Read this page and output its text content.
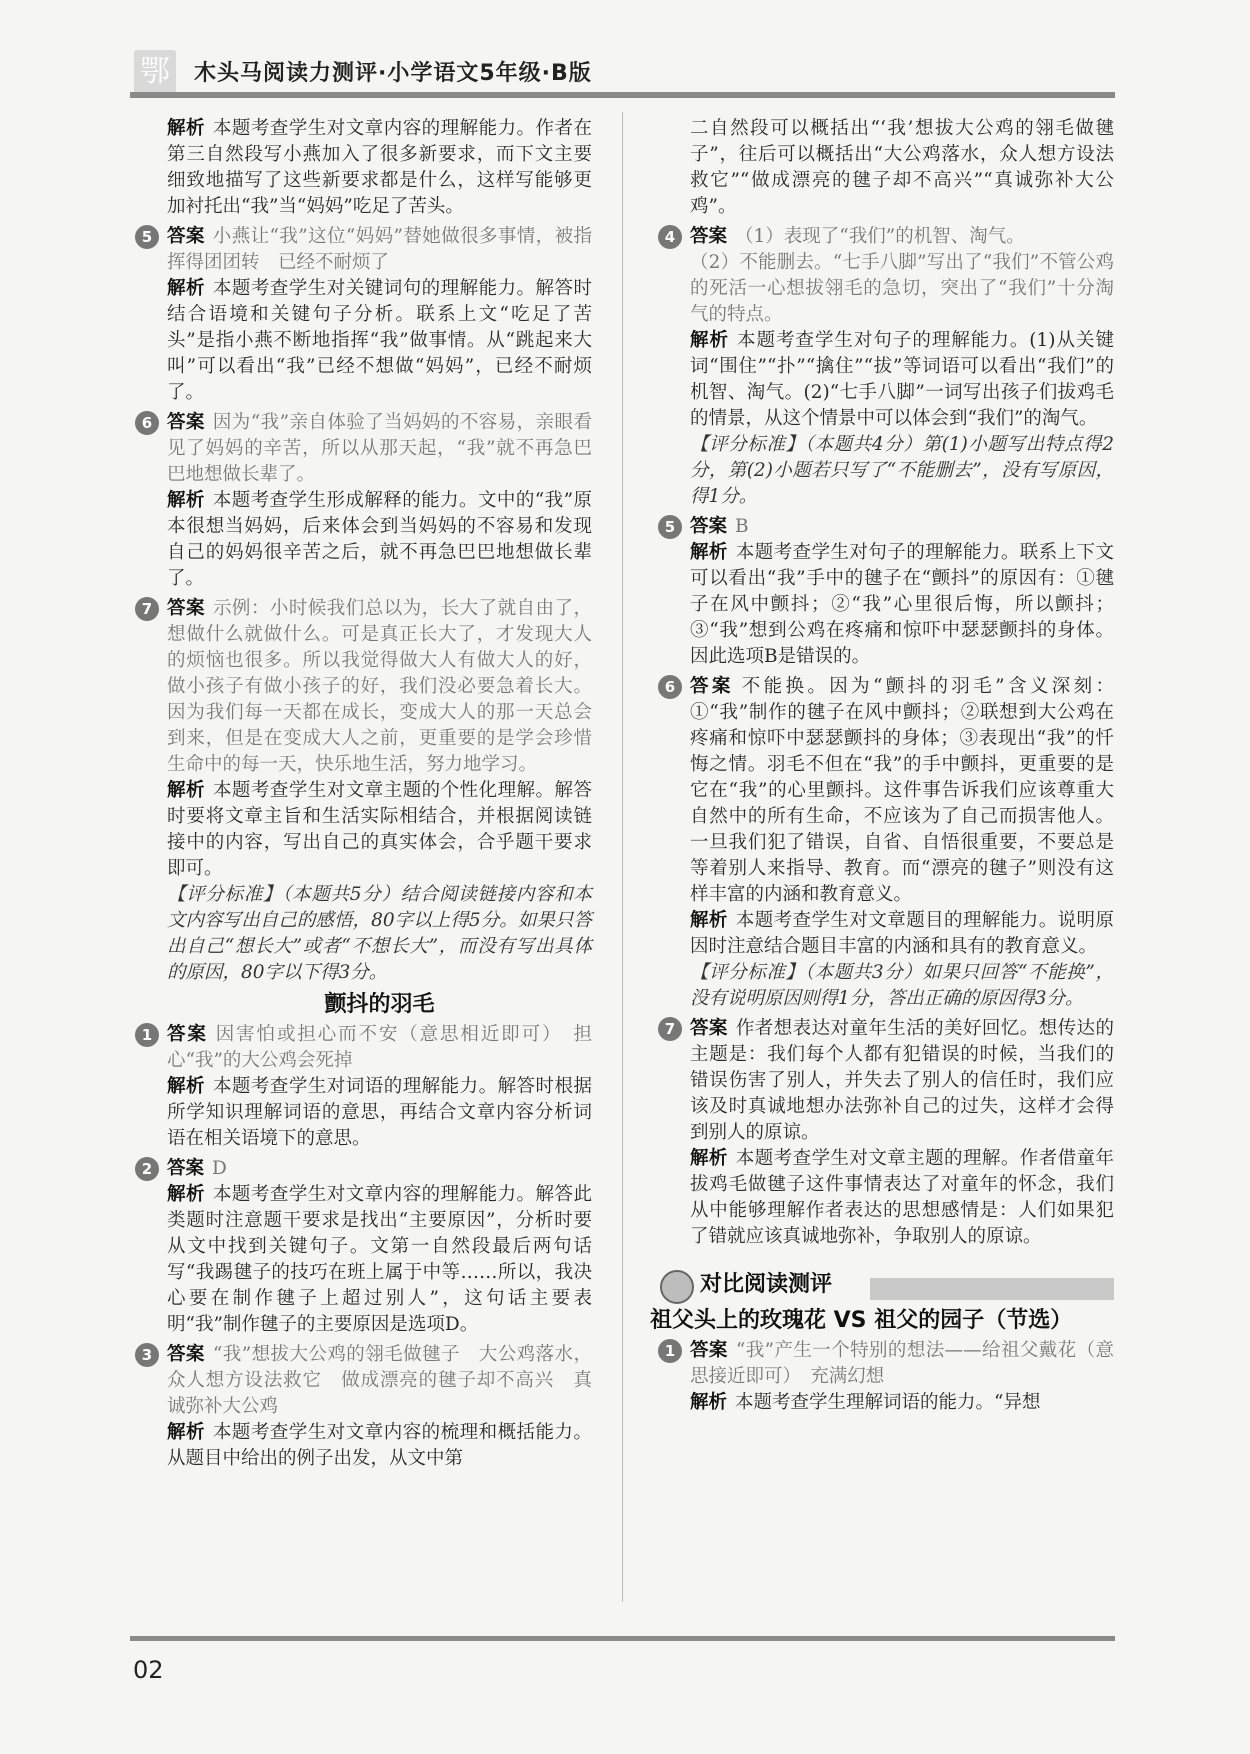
鄂 木头马阅读力测评·小学语文5年级·B版

解析 本题考查学生对文章内容的理解能力。作者在第三自然段写小燕加入了很多新要求，而下文主要细致地描写了这些新要求都是什么，这样写能够更加衬托出“我”当“妈妈”吃足了苦头。

5 答案 小燕让“我”这位“妈妈”替她做很多事情，被指挥得团团转　已经不耐烦了

解析 本题考查学生对关键词句的理解能力。解答时结合语境和关键句子分析。联系上文“吃足了苦头”是指小燕不断地指挥“我”做事情。从“跳起来大叫”可以看出“我”已经不想做“妈妈”，已经不耐烦了。

6 答案 因为“我”亲自体验了当妈妈的不容易，亲眼看见了妈妈的辛苦，所以从那天起，“我”就不再急巴巴地想做长辈了。

解析 本题考查学生形成解释的能力。文中的“我”原本很想当妈妈，后来体会到当妈妈的不容易和发现自己的妈妈很辛苦之后，就不再急巴巴地想做长辈了。

7 答案 示例：小时候我们总以为，长大了就自由了，想做什么就做什么。可是真正长大了，才发现大人的烦恼也很多。所以我觉得做大人有做大人的好，做小孩子有做小孩子的好，我们没必要急着长大。因为我们每一天都在成长，变成大人的那一天总会到来，但是在变成大人之前，更重要的是学会珍惜生命中的每一天，快乐地生活，努力地学习。

解析 本题考查学生对文章主题的个性化理解。解答时要将文章主旨和生活实际相结合，并根据阅读链接中的内容，写出自己的真实体会，合乎题干要求即可。

【评分标准】（本题共5分）结合阅读链接内容和本文内容写出自己的感悟，80字以上得5分。如果只答出自己“想长大”或者“不想长大”，而没有写出具体的原因，80字以下得3分。

颤抖的羽毛
1 答案 因害怕或担心而不安（意思相近即可）　担心“我”的大公鸡会死掉

解析 本题考查学生对词语的理解能力。解答时根据所学知识理解词语的意思，再结合文章内容分析词语在相关语境下的意思。

2 答案 D

解析 本题考查学生对文章内容的理解能力。解答此类题时注意题干要求是找出“主要原因”，分析时要从文中找到关键句子。文第一自然段最后两句话写“我踢毽子的技巧在班上属于中等……所以，我决心要在制作毽子上超过别人”，这句话主要表明“我”制作毽子的主要原因是选项D。

3 答案 “我”想拔大公鸡的翎毛做毽子　大公鸡落水，众人想方设法救它　做成漂亮的毽子却不高兴　真诚弥补大公鸡

解析 本题考查学生对文章内容的梳理和概括能力。从题目中给出的例子出发，从文中第

二自然段可以概括出“‘我’想拔大公鸡的翎毛做毽子”，往后可以概括出“大公鸡落水，众人想方设法救它”“做成漂亮的毽子却不高兴”“真诚弥补大公鸡”。

4 答案 （1）表现了“我们”的机智、淘气。

（2）不能删去。“七手八脚”写出了“我们”不管公鸡的死活一心想拔翎毛的急切，突出了“我们”十分淘气的特点。

解析 本题考查学生对句子的理解能力。(1)从关键词“围住”“扑”“擒住”“拔”等词语可以看出“我们”的机智、淘气。(2)“七手八脚”一词写出孩子们拔鸡毛的情景，从这个情景中可以体会到“我们”的淘气。

【评分标准】（本题共4分）第(1)小题写出特点得2分，第(2)小题若只写了“不能删去”，没有写原因，得1分。

5 答案 B

解析 本题考查学生对句子的理解能力。联系上下文可以看出“我”手中的毽子在“颤抖”的原因有：①毽子在风中颤抖；②“我”心里很后悔，所以颤抖；③“我”想到公鸡在疼痛和惊吓中瑟瑟颤抖的身体。因此选项B是错误的。

6 答案 不能换。因为“颤抖的羽毛”含义深刻：①“我”制作的毽子在风中颤抖；②联想到大公鸡在疼痛和惊吓中瑟瑟颤抖的身体；③表现出“我”的忏悔之情。羽毛不但在“我”的手中颤抖，更重要的是它在“我”的心里颤抖。这件事告诉我们应该尊重大自然中的所有生命，不应该为了自己而损害他人。一旦我们犯了错误，自省、自悟很重要，不要总是等着别人来指导、教育。而“漂亮的毽子”则没有这样丰富的内涵和教育意义。

解析 本题考查学生对文章题目的理解能力。说明原因时注意结合题目丰富的内涵和具有的教育意义。

【评分标准】（本题共3分）如果只回答“不能换”，没有说明原因则得1分，答出正确的原因得3分。

7 答案 作者想表达对童年生活的美好回忆。想传达的主题是：我们每个人都有犯错误的时候，当我们的错误伤害了别人，并失去了别人的信任时，我们应该及时真诚地想办法弥补自己的过失，这样才会得到别人的原谅。

解析 本题考查学生对文章主题的理解。作者借童年拔鸡毛做毽子这件事情表达了对童年的怀念，我们从中能够理解作者表达的思想感情是：人们如果犯了错就应该真诚地弥补，争取别人的原谅。

对比阅读测评
祖父头上的玫瑰花 VS 祖父的园子（节选）
1 答案 “我”产生一个特别的想法——给祖父戴花（意思接近即可）　充满幻想

解析 本题考查学生理解词语的能力。“异想

02
